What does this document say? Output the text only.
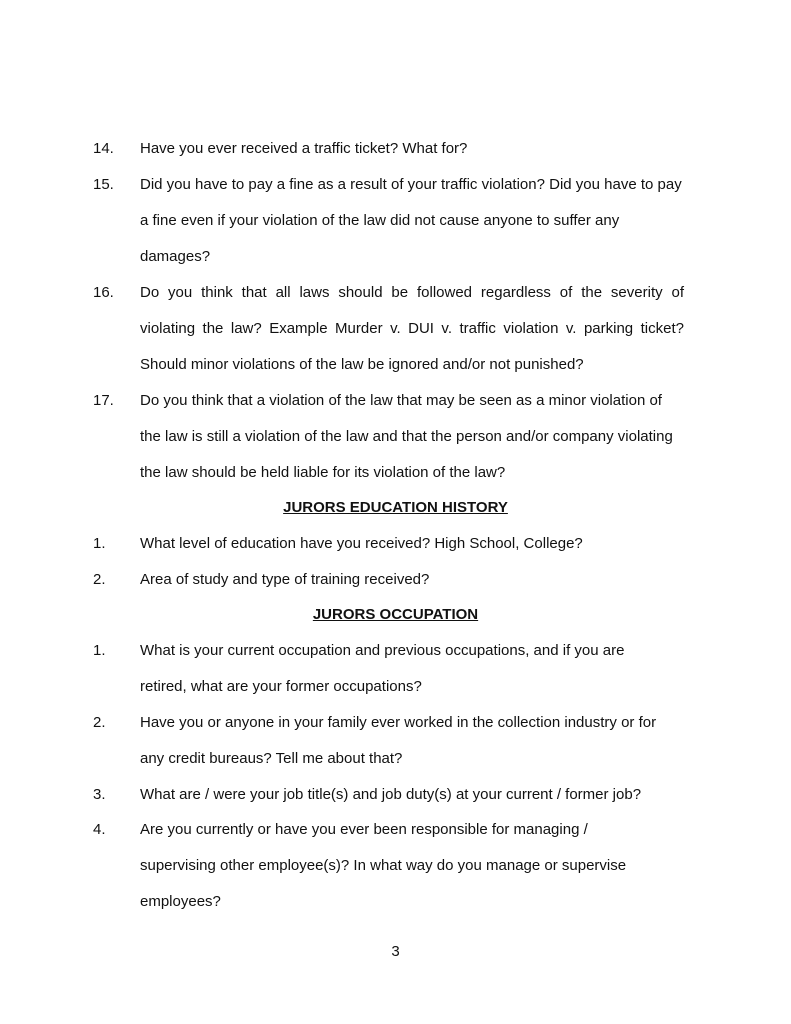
14. Have you ever received a traffic ticket? What for?
15. Did you have to pay a fine as a result of your traffic violation? Did you have to pay
a fine even if your violation of the law did not cause anyone to suffer any
damages?
16. Do you think that all laws should be followed regardless of the severity of
violating the law? Example Murder v. DUI v. traffic violation v. parking ticket?
Should minor violations of the law be ignored and/or not punished?
17. Do you think that a violation of the law that may be seen as a minor violation of
the law is still a violation of the law and that the person and/or company violating
the law should be held liable for its violation of the law?
JURORS EDUCATION HISTORY
1. What level of education have you received? High School, College?
2. Area of study and type of training received?
JURORS OCCUPATION
1. What is your current occupation and previous occupations, and if you are
retired, what are your former occupations?
2. Have you or anyone in your family ever worked in the collection industry or for
any credit bureaus? Tell me about that?
3. What are / were your job title(s) and job duty(s) at your current / former job?
4. Are you currently or have you ever been responsible for managing /
supervising other employee(s)? In what way do you manage or supervise
employees?
3
